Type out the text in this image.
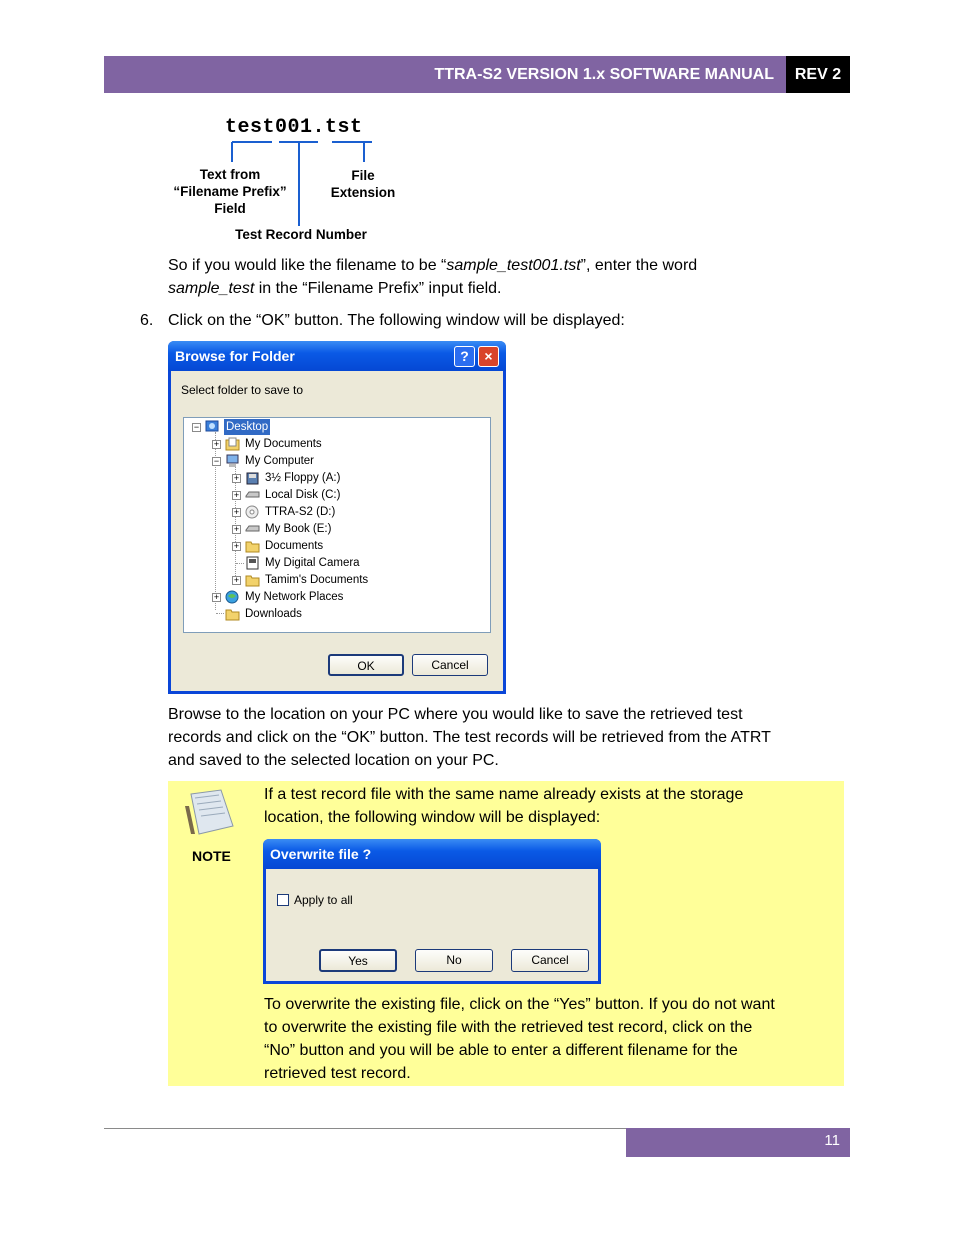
TTRA-S2 VERSION 1.x SOFTWARE MANUAL	REV 2
test001.tst
Text from
“Filename Prefix”
Field
File
Extension
Test Record Number
So if you would like the filename to be “sample_test001.tst”, enter the word
sample_test in the “Filename Prefix” input field.
6. Click on the “OK” button. The following window will be displayed:
Browse for Folder	?	×
Select folder to save to
− Desktop
+ My Documents
− My Computer
+ 3½ Floppy (A:)
+ Local Disk (C:)
+ TTRA-S2 (D:)
+ My Book (E:)
+ Documents
My Digital Camera
+ Tamim's Documents
+ My Network Places
Downloads
OK	Cancel
Browse to the location on your PC where you would like to save the retrieved test
records and click on the “OK” button. The test records will be retrieved from the ATRT
and saved to the selected location on your PC.
NOTE
If a test record file with the same name already exists at the storage
location, the following window will be displayed:
Overwrite file ?
Apply to all
Yes	No	Cancel
To overwrite the existing file, click on the “Yes” button. If you do not want
to overwrite the existing file with the retrieved test record, click on the
“No” button and you will be able to enter a different filename for the
retrieved test record.
11
